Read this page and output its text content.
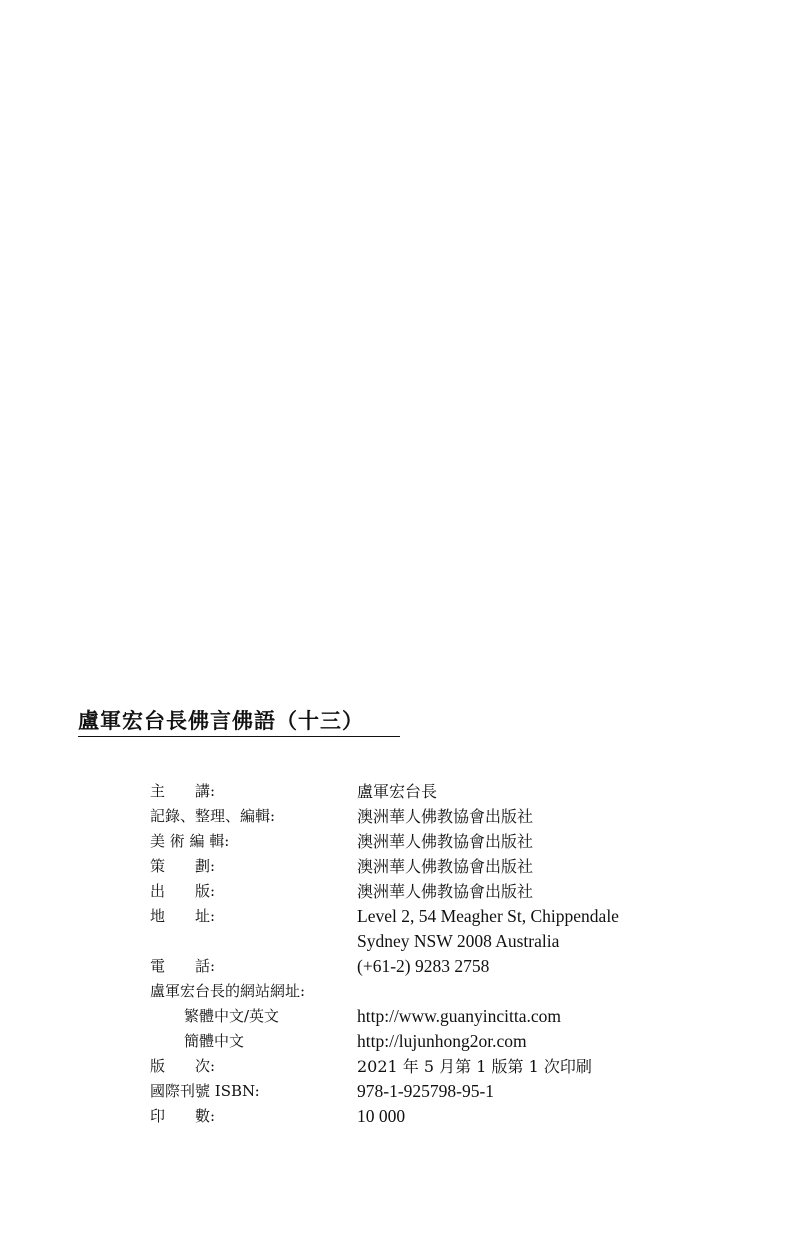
盧軍宏台長佛言佛語（十三）
主　　講:	盧軍宏台長
記錄、整理、編輯:	澳洲華人佛教協會出版社
美 術 編 輯:	澳洲華人佛教協會出版社
策　　劃:	澳洲華人佛教協會出版社
出　　版:	澳洲華人佛教協會出版社
地　　址:	Level 2, 54 Meagher St, Chippendale
Sydney NSW 2008 Australia
電　　話:	(+61-2) 9283 2758
盧軍宏台長的網站網址:
繁體中文/英文	http://www.guanyincitta.com
簡體中文	http://lujunhong2or.com
版　　次:	2021 年 5 月第 1 版第 1 次印刷
國際刊號 ISBN:	978-1-925798-95-1
印　　數:	10 000
